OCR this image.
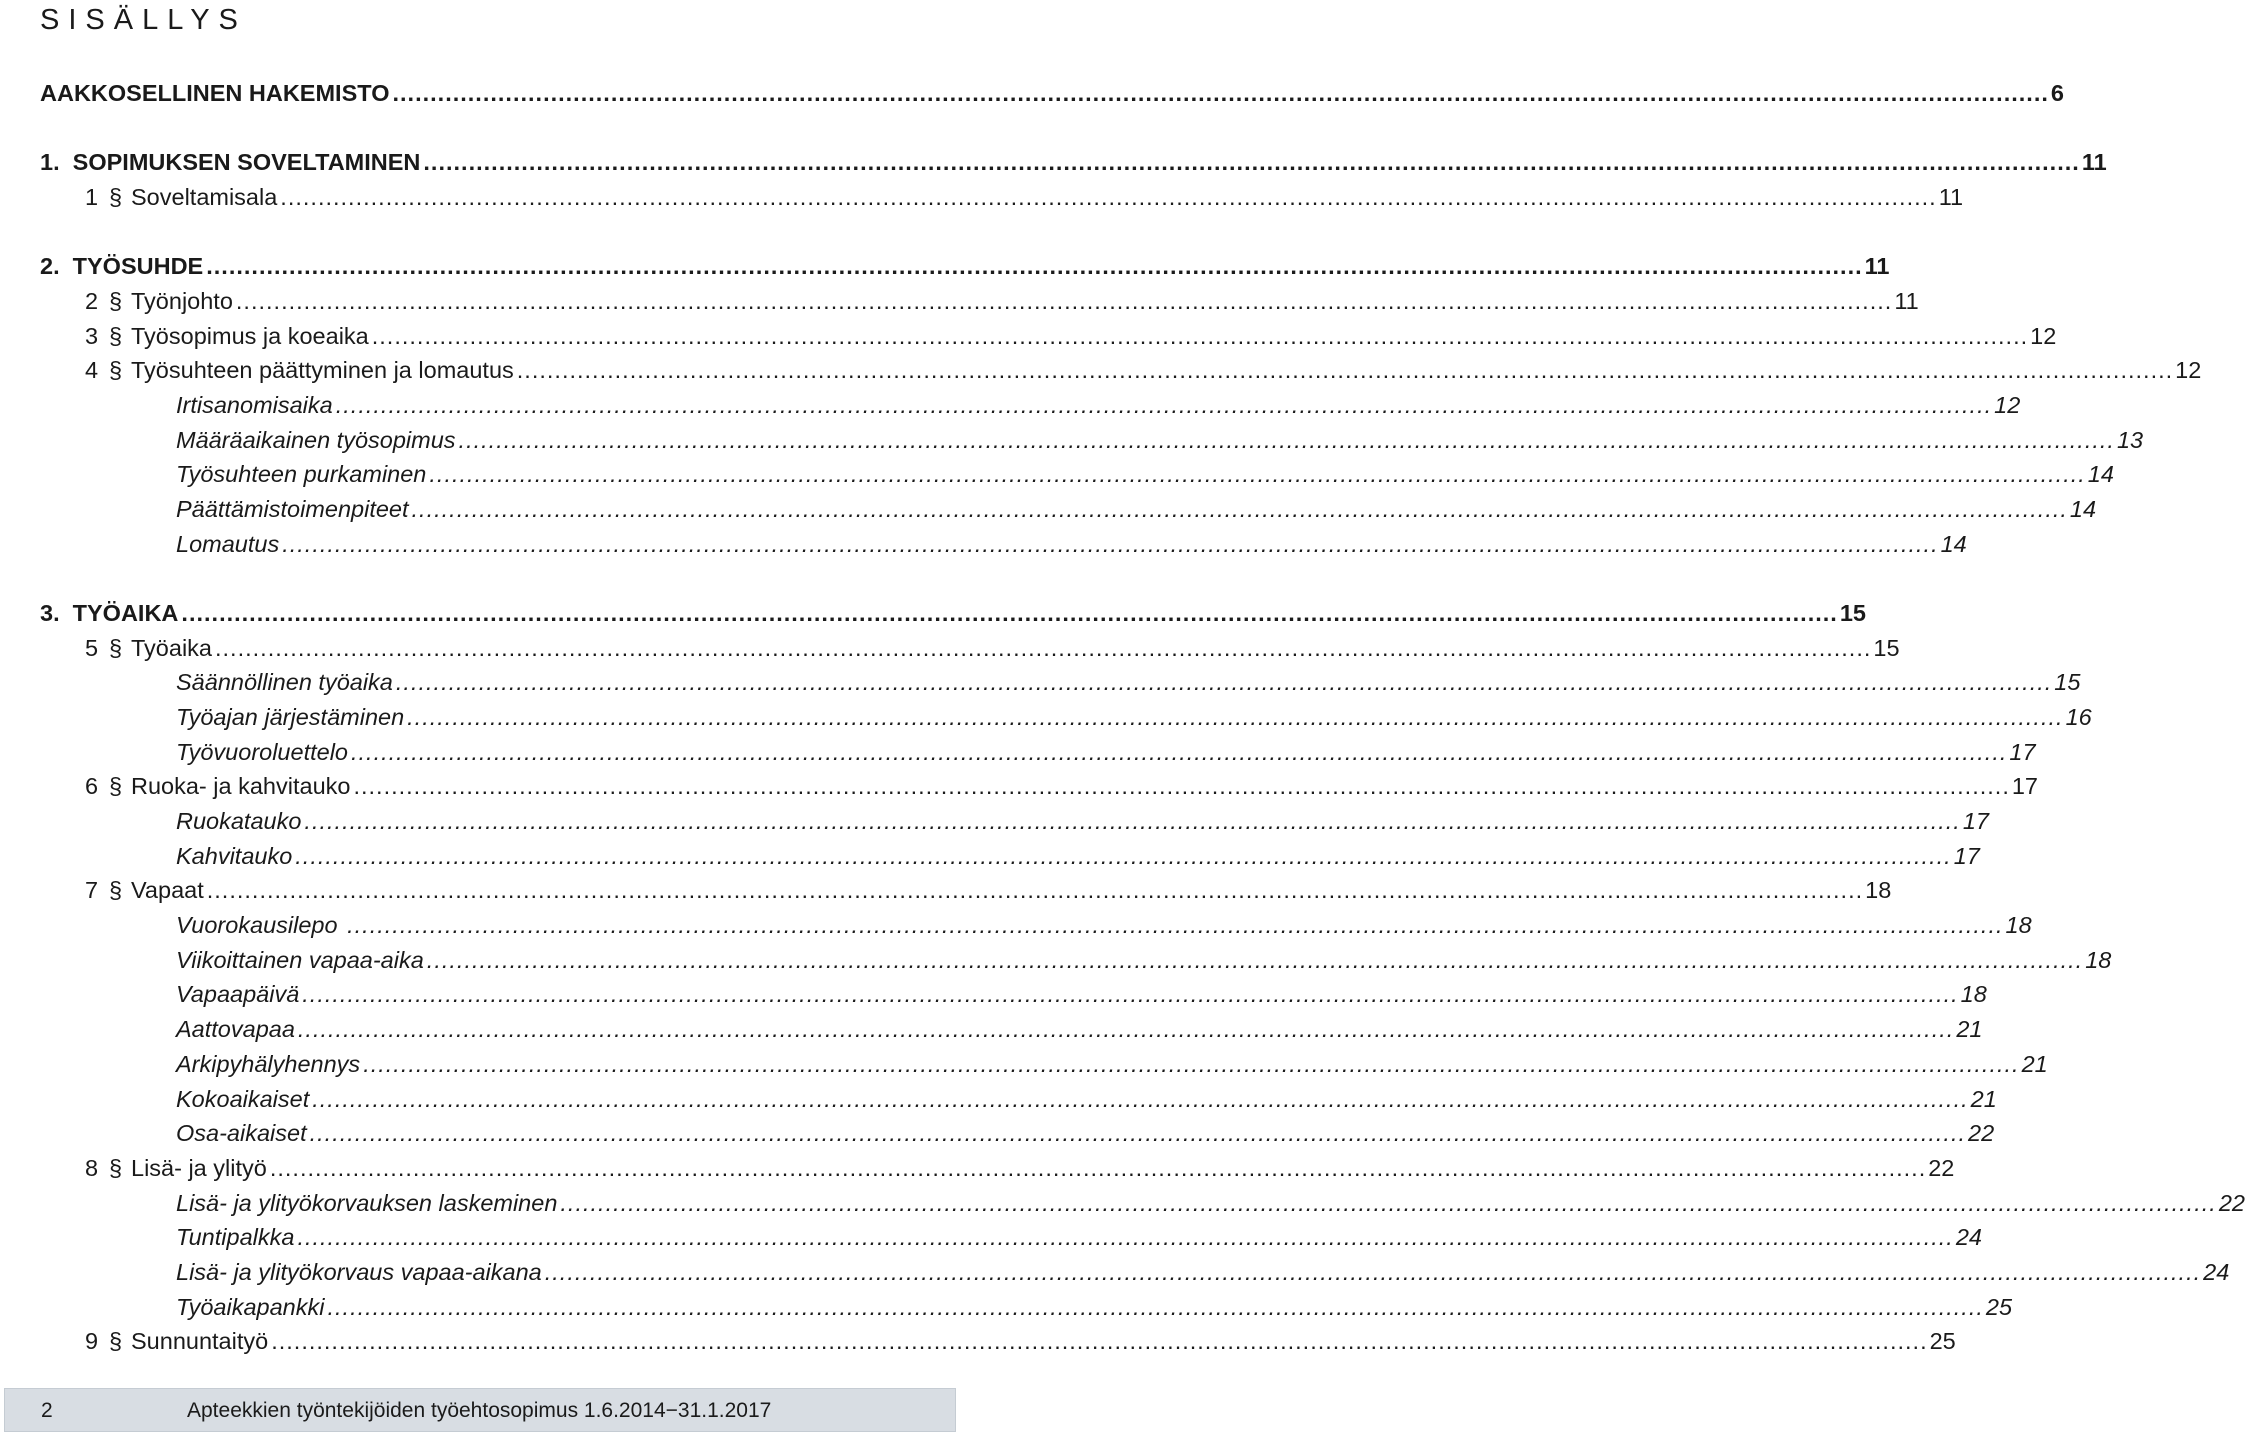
SISÄLLYS
AAKKOSELLINEN HAKEMISTO ............................................................................................................................................................................................................................ 6
1.  SOPIMUKSEN SOVELTAMINEN ............................................................................................................................................................................................................................ 11
1 § Soveltamisala ............................................................................................................................................................................................................................ 11
2.  TYÖSUHDE ............................................................................................................................................................................................................................ 11
2 § Työnjohto ............................................................................................................................................................................................................................ 11
3 § Työsopimus ja koeaika ............................................................................................................................................................................................................................ 12
4 § Työsuhteen päättyminen ja lomautus ............................................................................................................................................................................................................................ 12
Irtisanomisaika ............................................................................................................................................................................................................................ 12
Määräaikainen työsopimus ............................................................................................................................................................................................................................ 13
Työsuhteen purkaminen ............................................................................................................................................................................................................................ 14
Päättämistoimenpiteet ............................................................................................................................................................................................................................ 14
Lomautus ............................................................................................................................................................................................................................ 14
3.  TYÖAIKA ............................................................................................................................................................................................................................ 15
5 § Työaika ............................................................................................................................................................................................................................ 15
Säännöllinen työaika ............................................................................................................................................................................................................................ 15
Työajan järjestäminen ............................................................................................................................................................................................................................ 16
Työvuoroluettelo ............................................................................................................................................................................................................................ 17
6 § Ruoka- ja kahvitauko ............................................................................................................................................................................................................................ 17
Ruokatauko ............................................................................................................................................................................................................................ 17
Kahvitauko ............................................................................................................................................................................................................................ 17
7 § Vapaat ............................................................................................................................................................................................................................ 18
Vuorokausilepo ............................................................................................................................................................................................................................ 18
Viikoittainen vapaa-aika ............................................................................................................................................................................................................................ 18
Vapaapäivä ............................................................................................................................................................................................................................ 18
Aattovapaa ............................................................................................................................................................................................................................ 21
Arkipyhälyhennys ............................................................................................................................................................................................................................ 21
Kokoaikaiset ............................................................................................................................................................................................................................ 21
Osa-aikaiset ............................................................................................................................................................................................................................ 22
8 § Lisä- ja ylityö ............................................................................................................................................................................................................................ 22
Lisä- ja ylityökorvauksen laskeminen ............................................................................................................................................................................................................................ 22
Tuntipalkka ............................................................................................................................................................................................................................ 24
Lisä- ja ylityökorvaus vapaa-aikana ............................................................................................................................................................................................................................ 24
Työaikapankki ............................................................................................................................................................................................................................ 25
9 § Sunnuntaityö ............................................................................................................................................................................................................................ 25
2	Apteekkien työntekijöiden työehtosopimus 1.6.2014−31.1.2017
